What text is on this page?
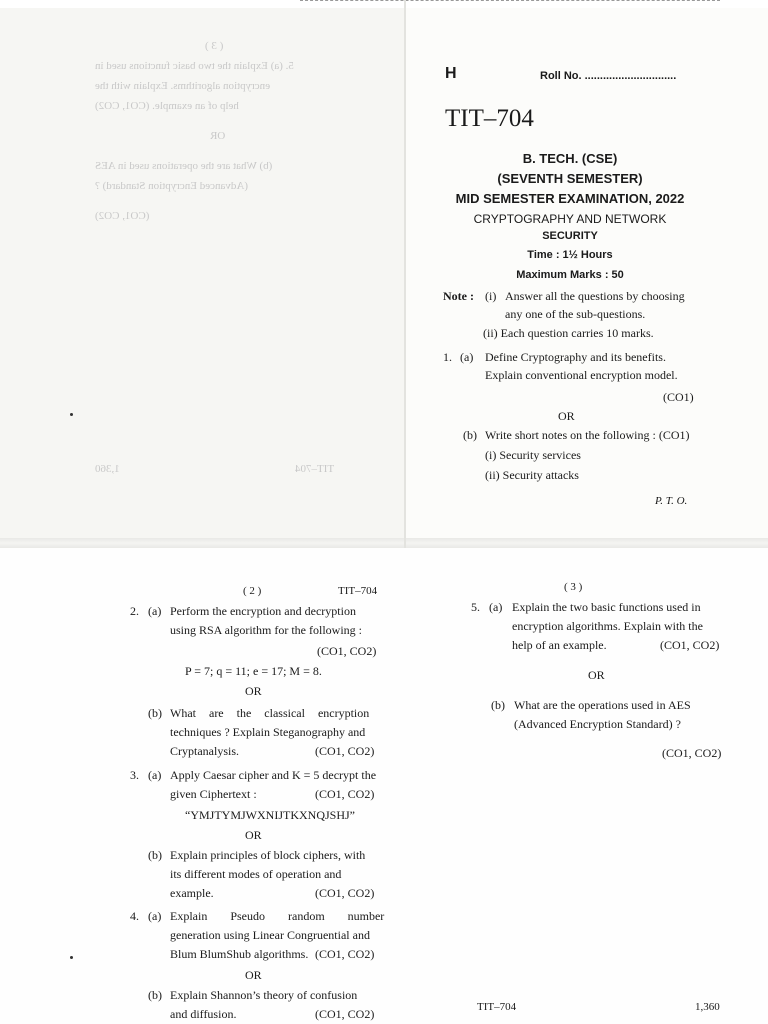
( 3 )
5. (a) Explain the two basic functions used in
encryption algorithms. Explain with the
help of an example. (CO1, CO2)
OR
(b) What are the operations used in AES
(Advanced Encryption Standard) ?
(CO1, CO2)
1,360	TIT–704
H	Roll No. ..............................
TIT–704
B. TECH. (CSE)
(SEVENTH SEMESTER)
MID SEMESTER EXAMINATION, 2022
CRYPTOGRAPHY AND NETWORK
SECURITY
Time : 1½ Hours
Maximum Marks : 50
Note : (i) Answer all the questions by choosing
any one of the sub-questions.
(ii) Each question carries 10 marks.
1. (a) Define Cryptography and its benefits.
Explain conventional encryption model.
(CO1)
OR
(b) Write short notes on the following : (CO1)
(i) Security services
(ii) Security attacks
P. T. O.
( 2 )	TIT–704
2. (a) Perform the encryption and decryption
using RSA algorithm for the following :
(CO1, CO2)
P = 7; q = 11; e = 17; M = 8.
OR
(b) What are the classical encryption
techniques ? Explain Steganography and
Cryptanalysis.	(CO1, CO2)
3. (a) Apply Caesar cipher and K = 5 decrypt the
given Ciphertext :	(CO1, CO2)
“YMJTYMJWXNIJTKXNQJSHJ”
OR
(b) Explain principles of block ciphers, with
its different modes of operation and
example.	(CO1, CO2)
4. (a) Explain Pseudo random number
generation using Linear Congruential and
Blum BlumShub algorithms. (CO1, CO2)
OR
(b) Explain Shannon’s theory of confusion
and diffusion.	(CO1, CO2)
( 3 )
5. (a) Explain the two basic functions used in
encryption algorithms. Explain with the
help of an example.	(CO1, CO2)
OR
(b) What are the operations used in AES
(Advanced Encryption Standard) ?
(CO1, CO2)
TIT–704	1,360
